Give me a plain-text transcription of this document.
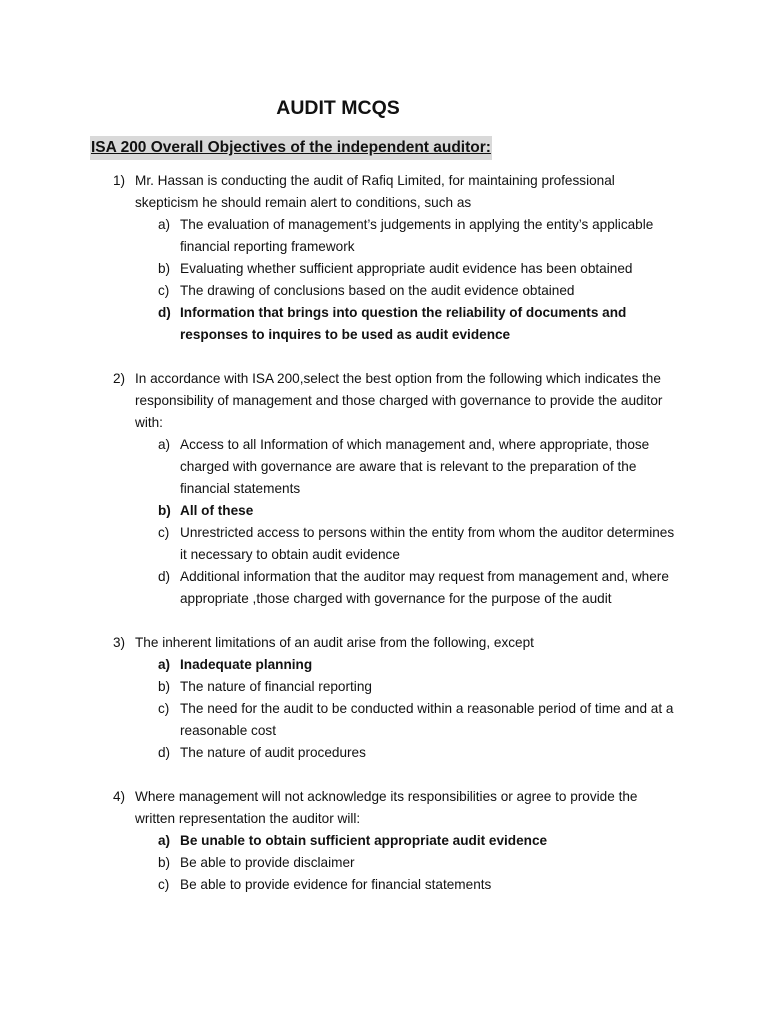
AUDIT MCQS
ISA 200 Overall Objectives of the independent auditor:
1) Mr. Hassan is conducting the audit of Rafiq Limited, for maintaining professional skepticism he should remain alert to conditions, such as
a) The evaluation of management’s judgements in applying the entity’s applicable financial reporting framework
b) Evaluating whether sufficient appropriate audit evidence has been obtained
c) The drawing of conclusions based on the audit evidence obtained
d) Information that brings into question the reliability of documents and responses to inquires to be used as audit evidence
2) In accordance with ISA 200,select the best option from the following which indicates the responsibility of management and those charged with governance to provide the auditor with:
a) Access to all Information of which management and, where appropriate, those charged with governance are aware that is relevant to the preparation of the financial statements
b) All of these
c) Unrestricted access to persons within the entity from whom the auditor determines it necessary to obtain audit evidence
d) Additional information that the auditor may request from management and, where appropriate ,those charged with governance for the purpose of the audit
3) The inherent limitations of an audit arise from the following, except
a) Inadequate planning
b) The nature of financial reporting
c) The need for the audit to be conducted within a reasonable period of time and at a reasonable cost
d) The nature of audit procedures
4) Where management will not acknowledge its responsibilities or agree to provide the written representation the auditor will:
a) Be unable to obtain sufficient appropriate audit evidence
b) Be able to provide disclaimer
c) Be able to provide evidence for financial statements
